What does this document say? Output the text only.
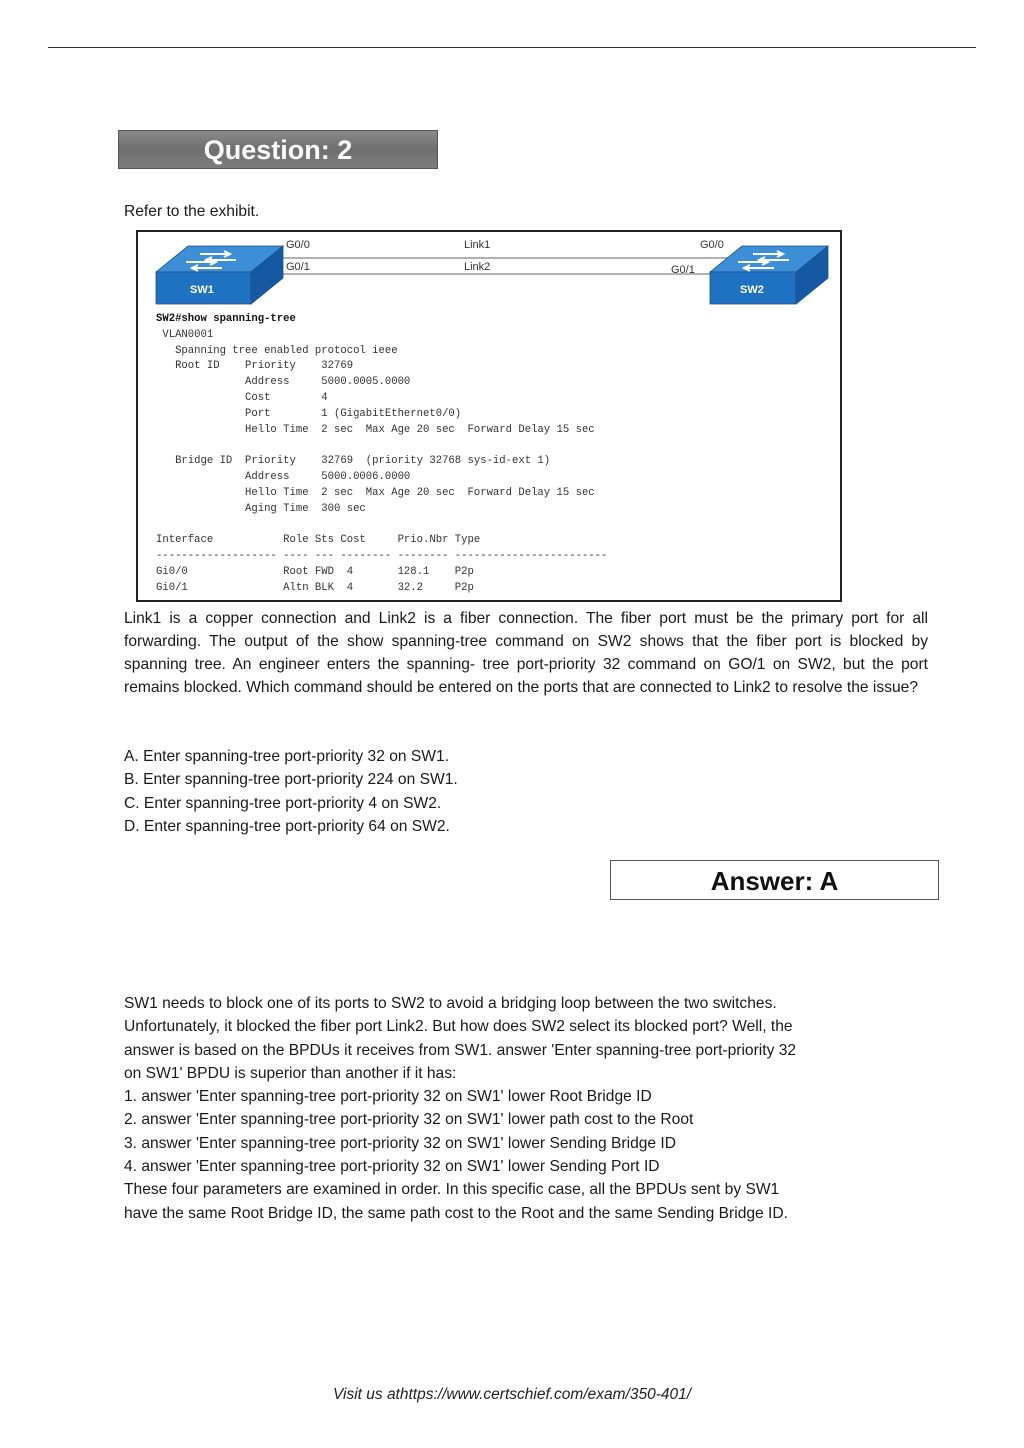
Question: 2
Refer to the exhibit.
G0/0
G0/1
Link1
Link2
G0/0
G0/1
SW1	SW2
SW2#show spanning-tree
VLAN0001
Spanning tree enabled protocol ieee
Root ID    Priority    32769
Address     5000.0005.0000
Cost        4
Port        1 (GigabitEthernet0/0)
Hello Time  2 sec  Max Age 20 sec  Forward Delay 15 sec

Bridge ID  Priority    32769  (priority 32768 sys-id-ext 1)
Address     5000.0006.0000
Hello Time  2 sec  Max Age 20 sec  Forward Delay 15 sec
Aging Time  300 sec

Interface           Role Sts Cost     Prio.Nbr Type
------------------- ---- --- -------- -------- ------------------------
Gi0/0               Root FWD  4       128.1    P2p
Gi0/1               Altn BLK  4       32.2     P2p
Link1 is a copper connection and Link2 is a fiber connection. The fiber port must be the primary port for all forwarding. The output of the show spanning-tree command on SW2 shows that the fiber port is blocked by spanning tree. An engineer enters the spanning- tree port-priority 32 command on GO/1 on SW2, but the port remains blocked. Which command should be entered on the ports that are connected to Link2 to resolve the issue?
A. Enter spanning-tree port-priority 32 on SW1.
B. Enter spanning-tree port-priority 224 on SW1.
C. Enter spanning-tree port-priority 4 on SW2.
D. Enter spanning-tree port-priority 64 on SW2.
Answer: A
SW1 needs to block one of its ports to SW2 to avoid a bridging loop between the two switches.
Unfortunately, it blocked the fiber port Link2. But how does SW2 select its blocked port? Well, the
answer is based on the BPDUs it receives from SW1. answer 'Enter spanning-tree port-priority 32
on SW1' BPDU is superior than another if it has:
1. answer 'Enter spanning-tree port-priority 32 on SW1' lower Root Bridge ID
2. answer 'Enter spanning-tree port-priority 32 on SW1' lower path cost to the Root
3. answer 'Enter spanning-tree port-priority 32 on SW1' lower Sending Bridge ID
4. answer 'Enter spanning-tree port-priority 32 on SW1' lower Sending Port ID
These four parameters are examined in order. In this specific case, all the BPDUs sent by SW1
have the same Root Bridge ID, the same path cost to the Root and the same Sending Bridge ID.
Visit us athttps://www.certschief.com/exam/350-401/
